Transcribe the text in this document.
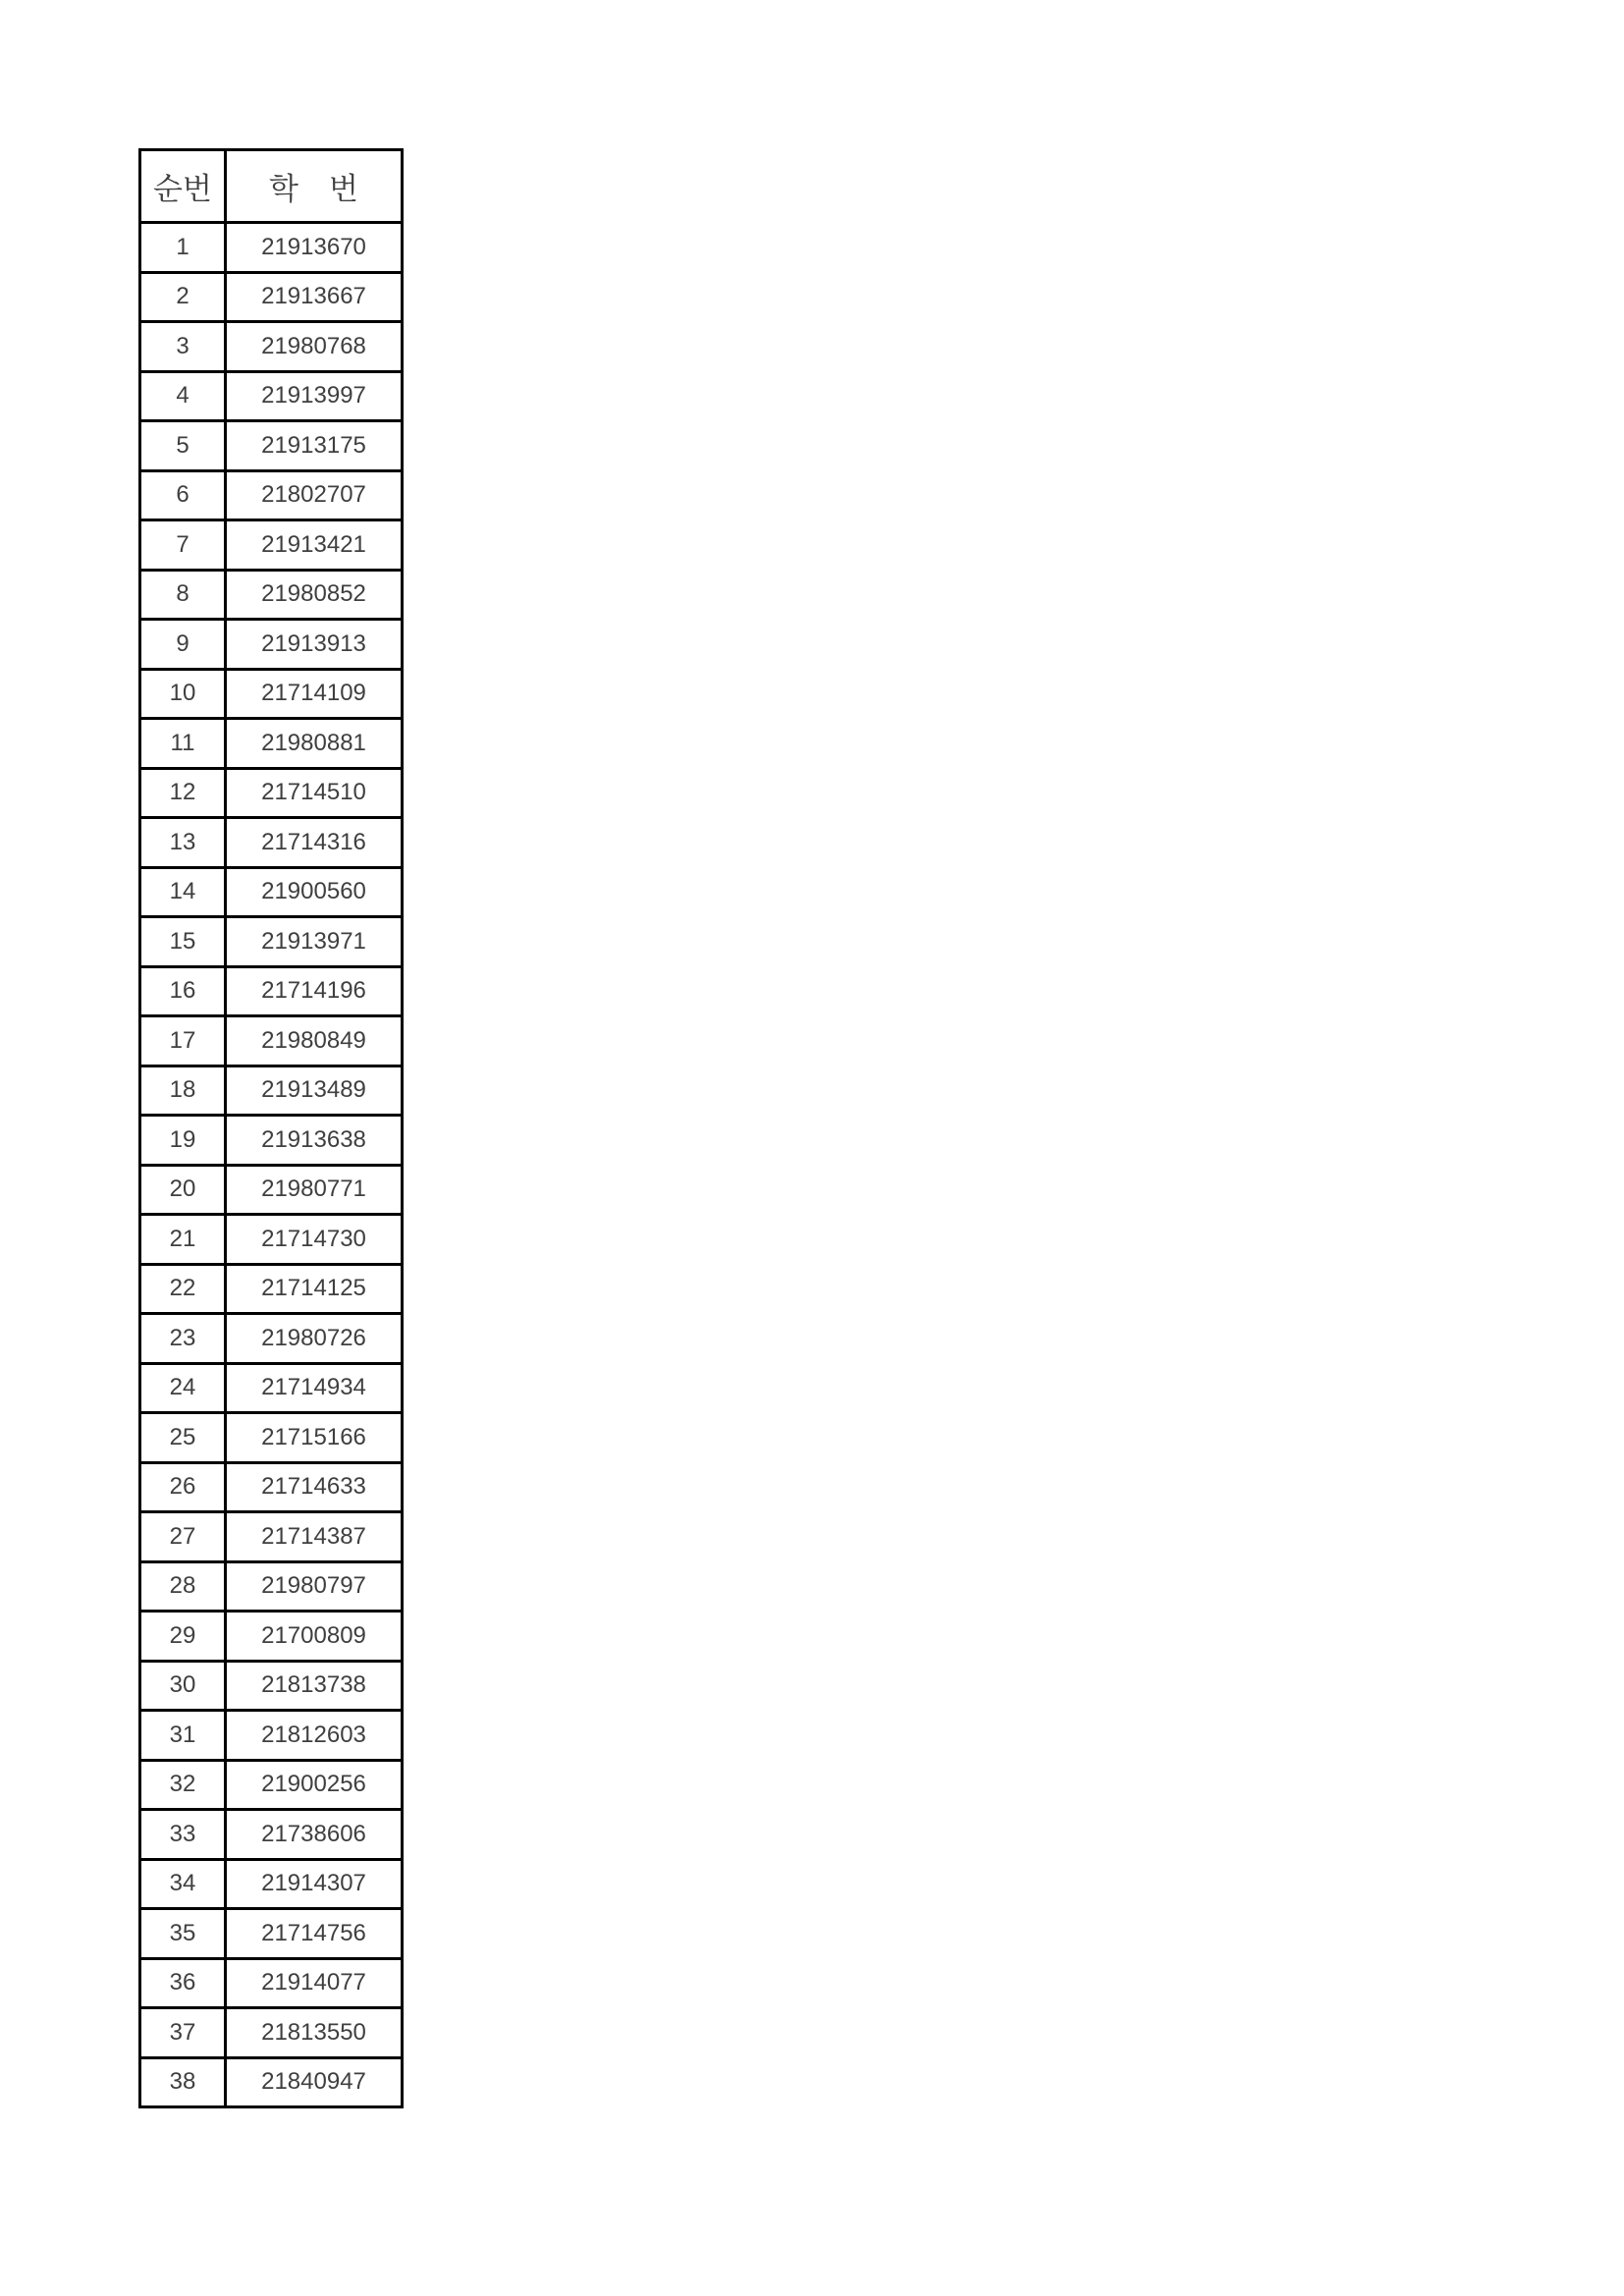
순번	학　번
1	21913670
2	21913667
3	21980768
4	21913997
5	21913175
6	21802707
7	21913421
8	21980852
9	21913913
10	21714109
11	21980881
12	21714510
13	21714316
14	21900560
15	21913971
16	21714196
17	21980849
18	21913489
19	21913638
20	21980771
21	21714730
22	21714125
23	21980726
24	21714934
25	21715166
26	21714633
27	21714387
28	21980797
29	21700809
30	21813738
31	21812603
32	21900256
33	21738606
34	21914307
35	21714756
36	21914077
37	21813550
38	21840947
